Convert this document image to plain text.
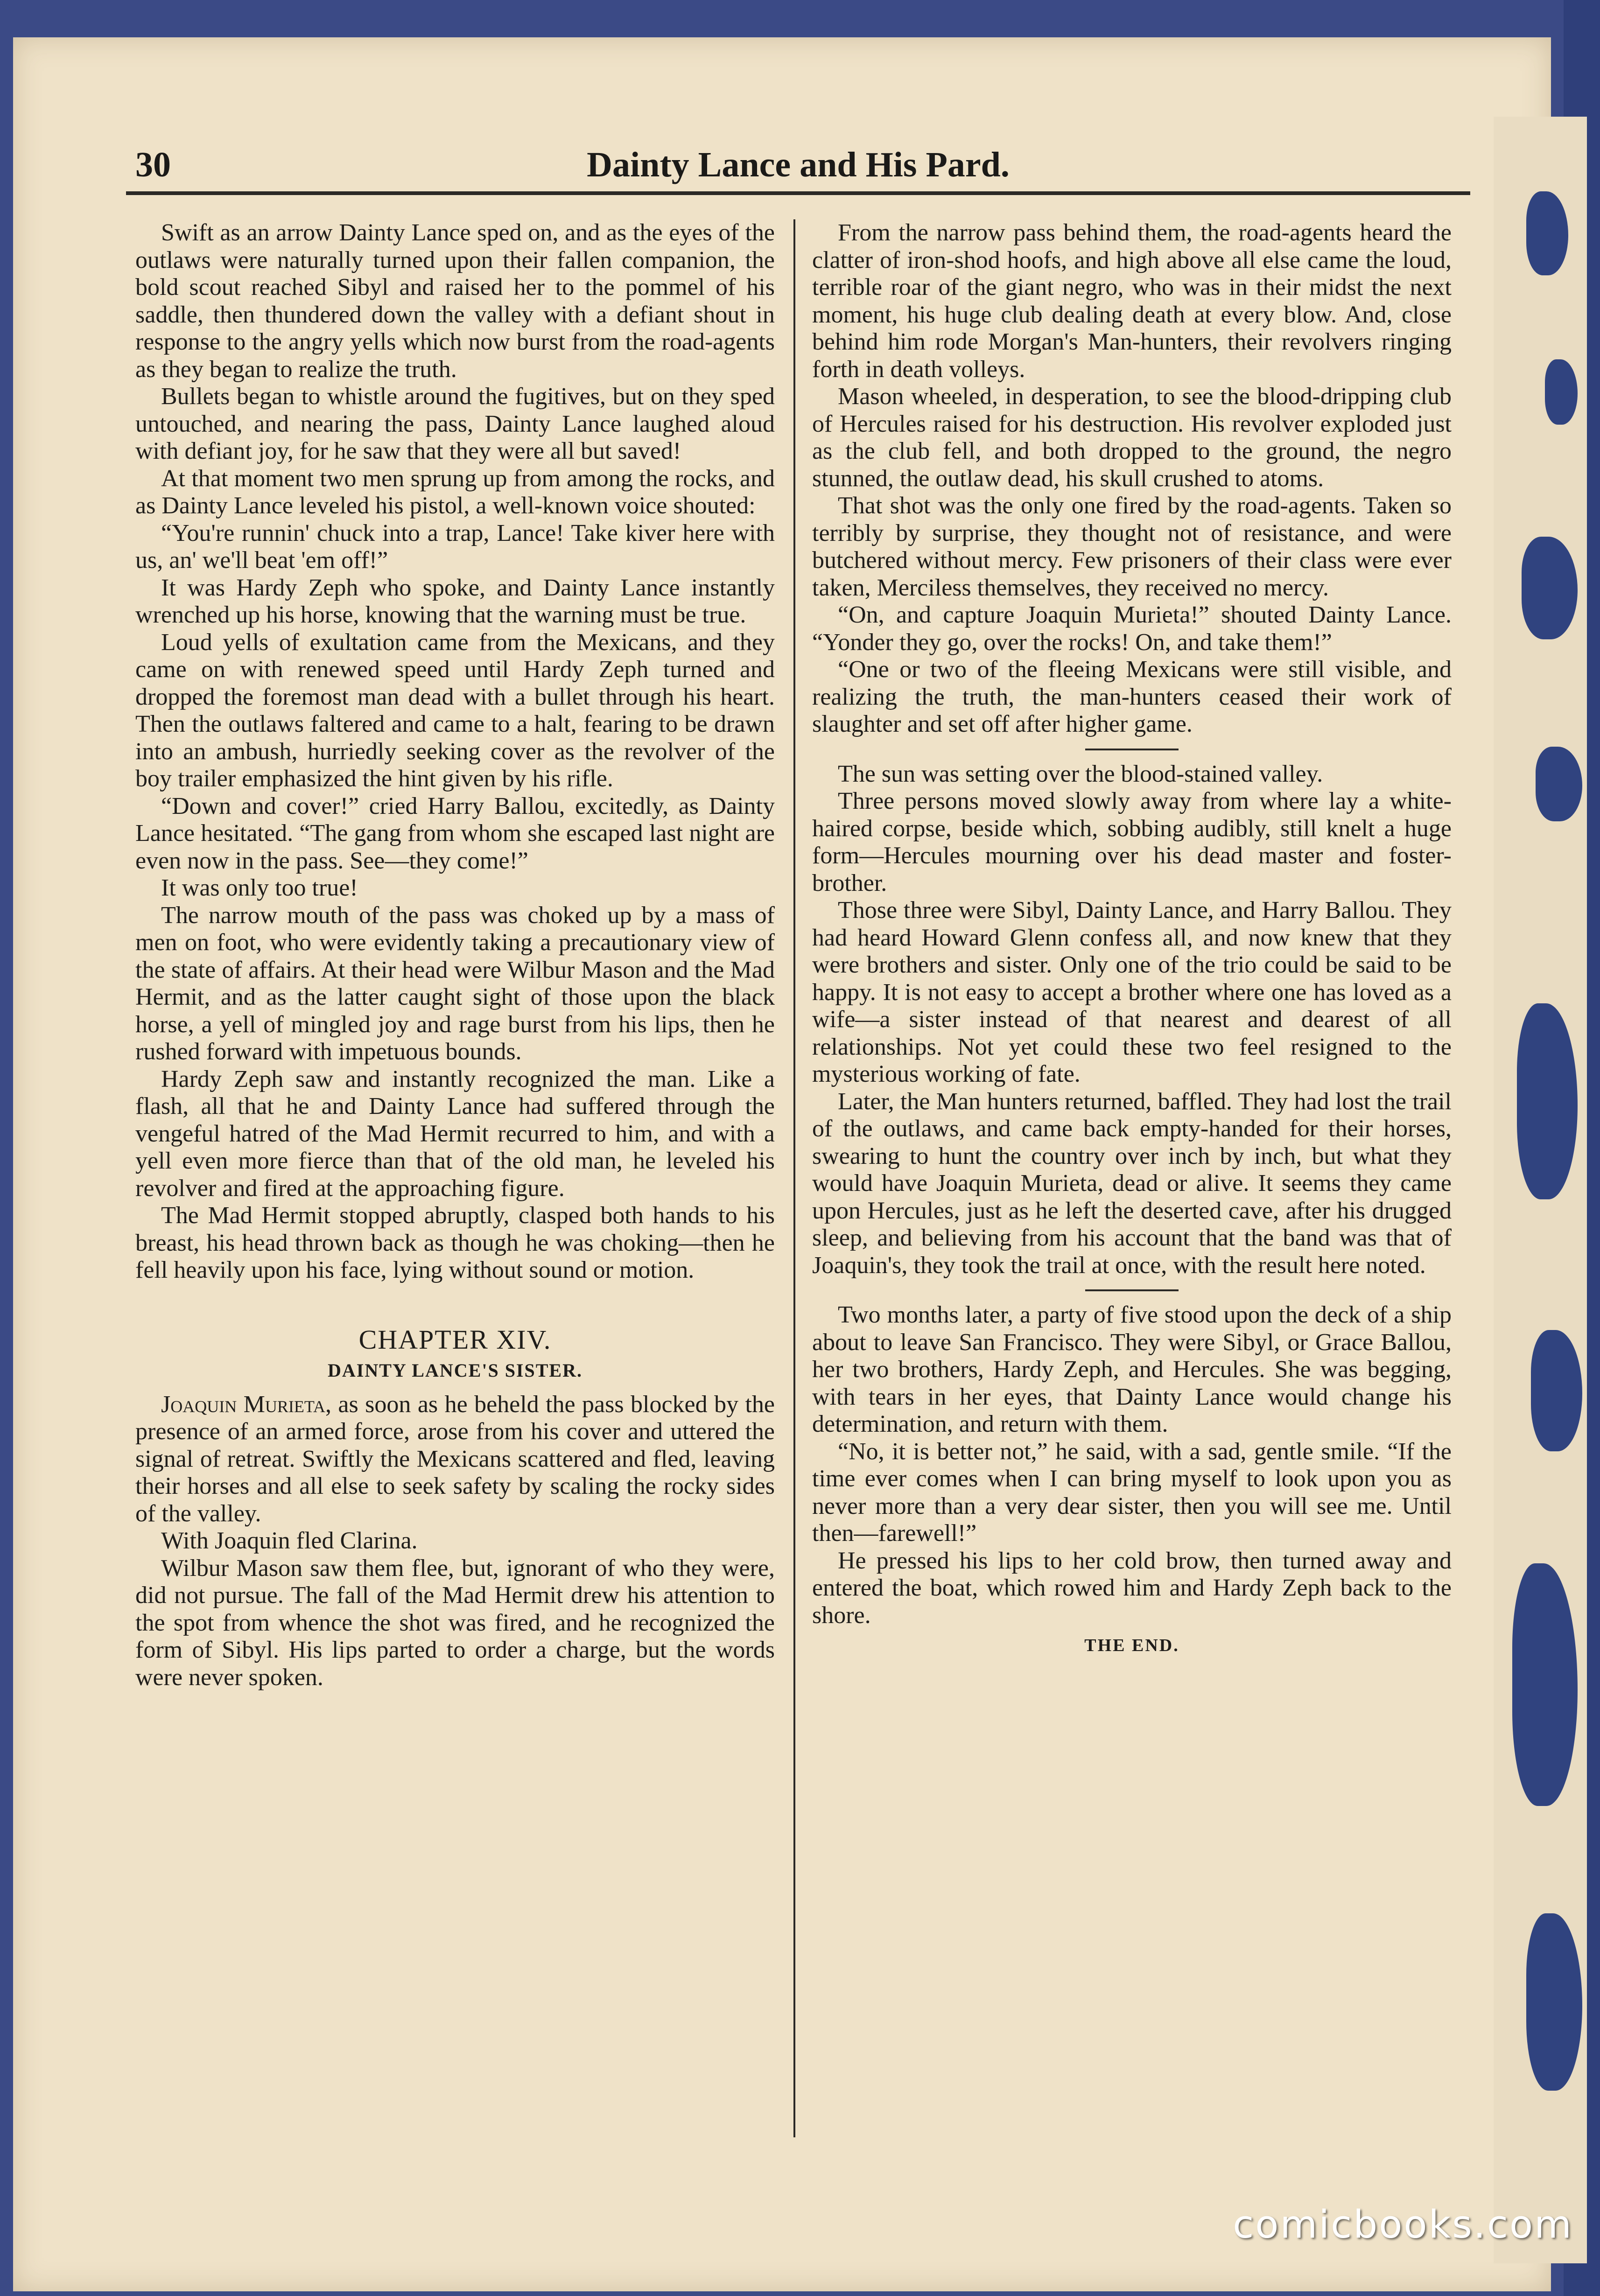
30	Dainty Lance and His Pard.

Swift as an arrow Dainty Lance sped on, and as the eyes of the outlaws were naturally turned upon their fallen companion, the bold scout reached Sibyl and raised her to the pommel of his saddle, then thundered down the valley with a defiant shout in response to the angry yells which now burst from the road-agents as they began to realize the truth.

Bullets began to whistle around the fugitives, but on they sped untouched, and nearing the pass, Dainty Lance laughed aloud with defiant joy, for he saw that they were all but saved!

At that moment two men sprung up from among the rocks, and as Dainty Lance leveled his pistol, a well-known voice shouted:

“You're runnin' chuck into a trap, Lance! Take kiver here with us, an' we'll beat 'em off!”

It was Hardy Zeph who spoke, and Dainty Lance instantly wrenched up his horse, knowing that the warning must be true.

Loud yells of exultation came from the Mexicans, and they came on with renewed speed until Hardy Zeph turned and dropped the foremost man dead with a bullet through his heart. Then the outlaws faltered and came to a halt, fearing to be drawn into an ambush, hurriedly seeking cover as the revolver of the boy trailer emphasized the hint given by his rifle.

“Down and cover!” cried Harry Ballou, excitedly, as Dainty Lance hesitated. “The gang from whom she escaped last night are even now in the pass. See—they come!”

It was only too true!

The narrow mouth of the pass was choked up by a mass of men on foot, who were evidently taking a precautionary view of the state of affairs. At their head were Wilbur Mason and the Mad Hermit, and as the latter caught sight of those upon the black horse, a yell of mingled joy and rage burst from his lips, then he rushed forward with impetuous bounds.

Hardy Zeph saw and instantly recognized the man. Like a flash, all that he and Dainty Lance had suffered through the vengeful hatred of the Mad Hermit recurred to him, and with a yell even more fierce than that of the old man, he leveled his revolver and fired at the approaching figure.

The Mad Hermit stopped abruptly, clasped both hands to his breast, his head thrown back as though he was choking—then he fell heavily upon his face, lying without sound or motion.

CHAPTER XIV.
DAINTY LANCE'S SISTER.

Joaquin Murieta, as soon as he beheld the pass blocked by the presence of an armed force, arose from his cover and uttered the signal of retreat. Swiftly the Mexicans scattered and fled, leaving their horses and all else to seek safety by scaling the rocky sides of the valley.

With Joaquin fled Clarina.

Wilbur Mason saw them flee, but, ignorant of who they were, did not pursue. The fall of the Mad Hermit drew his attention to the spot from whence the shot was fired, and he recognized the form of Sibyl. His lips parted to order a charge, but the words were never spoken.

From the narrow pass behind them, the road-agents heard the clatter of iron-shod hoofs, and high above all else came the loud, terrible roar of the giant negro, who was in their midst the next moment, his huge club dealing death at every blow. And, close behind him rode Morgan's Man-hunters, their revolvers ringing forth in death volleys.

Mason wheeled, in desperation, to see the blood-dripping club of Hercules raised for his destruction. His revolver exploded just as the club fell, and both dropped to the ground, the negro stunned, the outlaw dead, his skull crushed to atoms.

That shot was the only one fired by the road-agents. Taken so terribly by surprise, they thought not of resistance, and were butchered without mercy. Few prisoners of their class were ever taken, Merciless themselves, they received no mercy.

“On, and capture Joaquin Murieta!” shouted Dainty Lance. “Yonder they go, over the rocks! On, and take them!”

“One or two of the fleeing Mexicans were still visible, and realizing the truth, the man-hunters ceased their work of slaughter and set off after higher game.

The sun was setting over the blood-stained valley.

Three persons moved slowly away from where lay a white-haired corpse, beside which, sobbing audibly, still knelt a huge form—Hercules mourning over his dead master and foster-brother.

Those three were Sibyl, Dainty Lance, and Harry Ballou. They had heard Howard Glenn confess all, and now knew that they were brothers and sister. Only one of the trio could be said to be happy. It is not easy to accept a brother where one has loved as a wife—a sister instead of that nearest and dearest of all relationships. Not yet could these two feel resigned to the mysterious working of fate.

Later, the Man hunters returned, baffled. They had lost the trail of the outlaws, and came back empty-handed for their horses, swearing to hunt the country over inch by inch, but what they would have Joaquin Murieta, dead or alive. It seems they came upon Hercules, just as he left the deserted cave, after his drugged sleep, and believing from his account that the band was that of Joaquin's, they took the trail at once, with the result here noted.

Two months later, a party of five stood upon the deck of a ship about to leave San Francisco. They were Sibyl, or Grace Ballou, her two brothers, Hardy Zeph, and Hercules. She was begging, with tears in her eyes, that Dainty Lance would change his determination, and return with them.

“No, it is better not,” he said, with a sad, gentle smile. “If the time ever comes when I can bring myself to look upon you as never more than a very dear sister, then you will see me. Until then—farewell!”

He pressed his lips to her cold brow, then turned away and entered the boat, which rowed him and Hardy Zeph back to the shore.

THE END.
comicbooks.com
